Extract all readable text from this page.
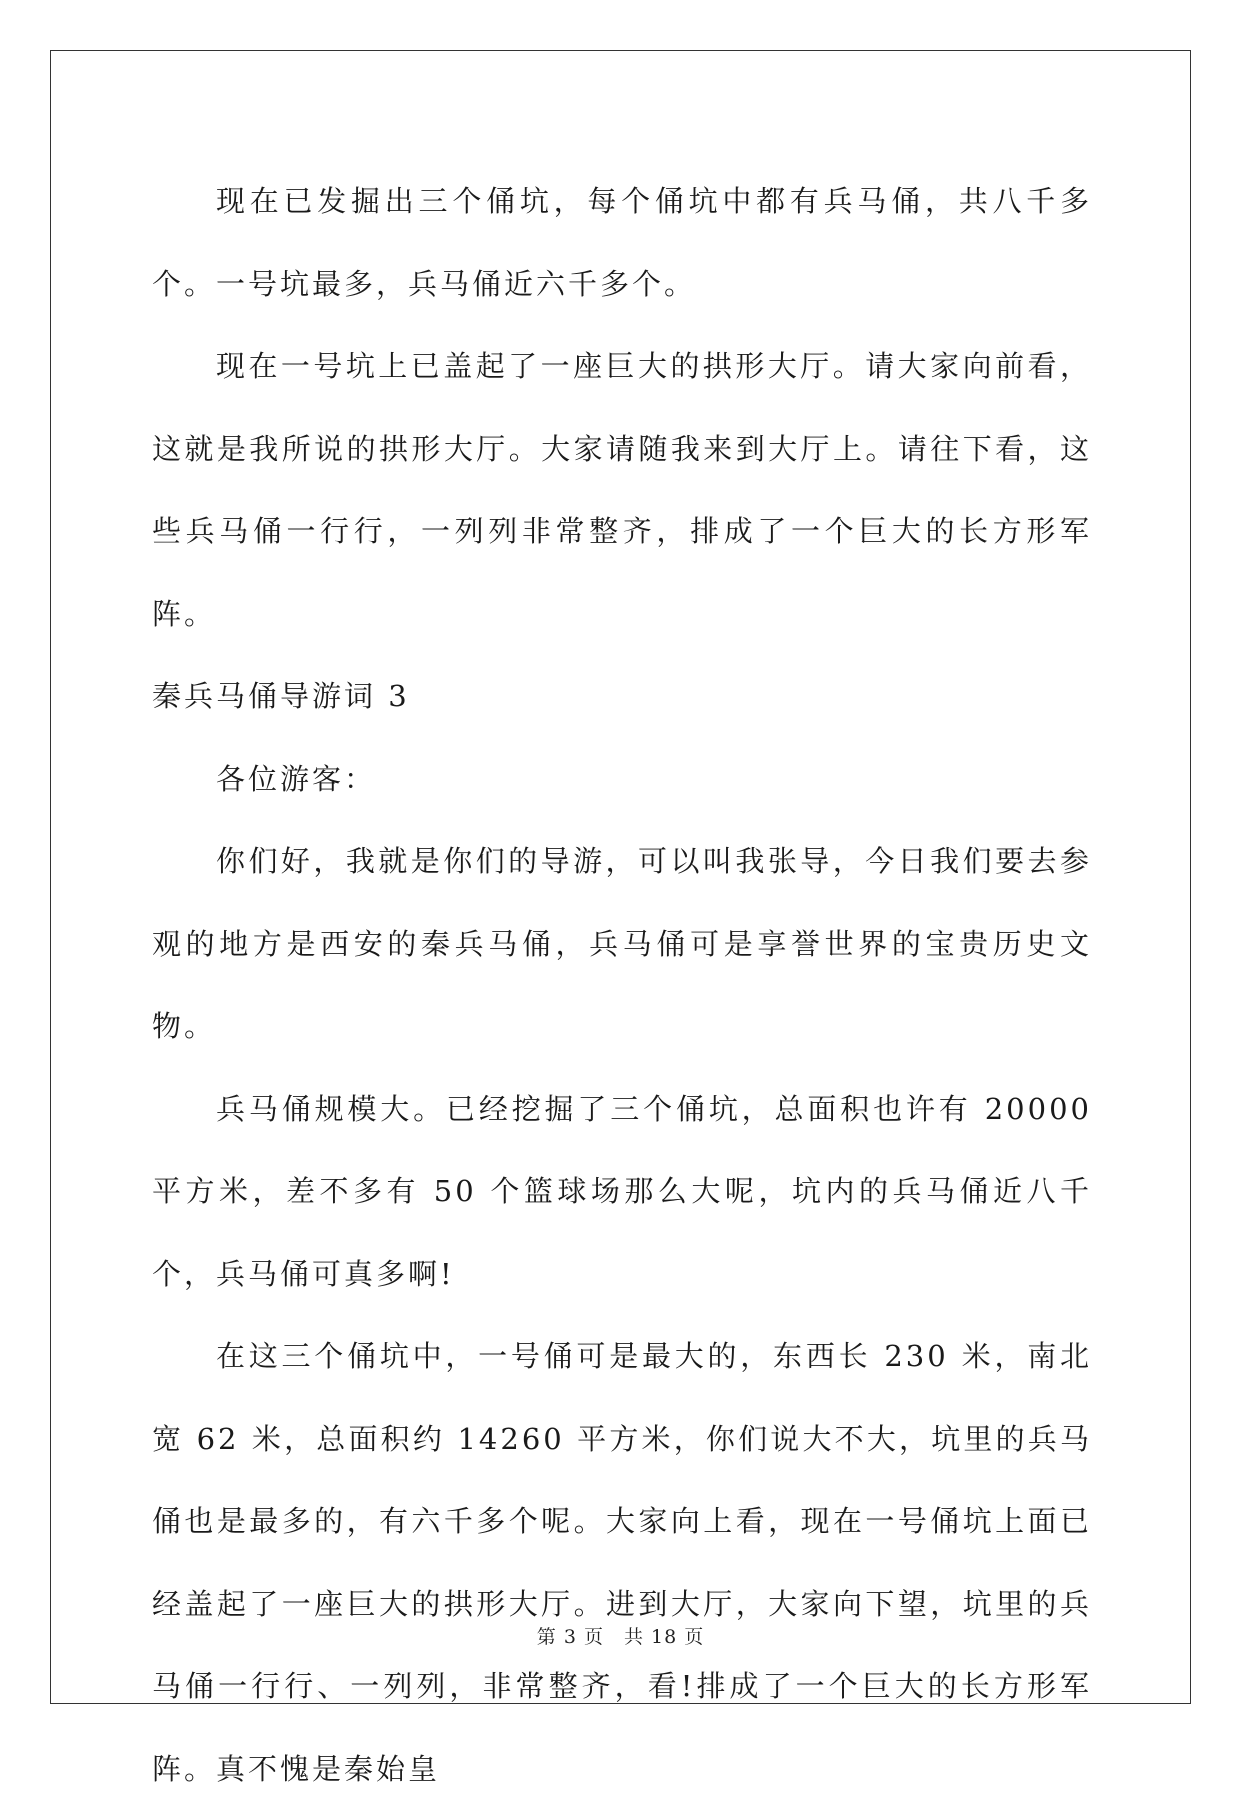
现在已发掘出三个俑坑，每个俑坑中都有兵马俑，共八千多个。一号坑最多，兵马俑近六千多个。

现在一号坑上已盖起了一座巨大的拱形大厅。请大家向前看，这就是我所说的拱形大厅。大家请随我来到大厅上。请往下看，这些兵马俑一行行，一列列非常整齐，排成了一个巨大的长方形军阵。

秦兵马俑导游词 3

各位游客：

你们好，我就是你们的导游，可以叫我张导，今日我们要去参观的地方是西安的秦兵马俑，兵马俑可是享誉世界的宝贵历史文物。

兵马俑规模大。已经挖掘了三个俑坑，总面积也许有 20000 平方米，差不多有 50 个篮球场那么大呢，坑内的兵马俑近八千个，兵马俑可真多啊!

在这三个俑坑中，一号俑可是最大的，东西长 230 米，南北宽 62 米，总面积约 14260 平方米，你们说大不大，坑里的兵马俑也是最多的，有六千多个呢。大家向上看，现在一号俑坑上面已经盖起了一座巨大的拱形大厅。进到大厅，大家向下望，坑里的兵马俑一行行、一列列，非常整齐，看!排成了一个巨大的长方形军阵。真不愧是秦始皇

第 3 页 共 18 页
